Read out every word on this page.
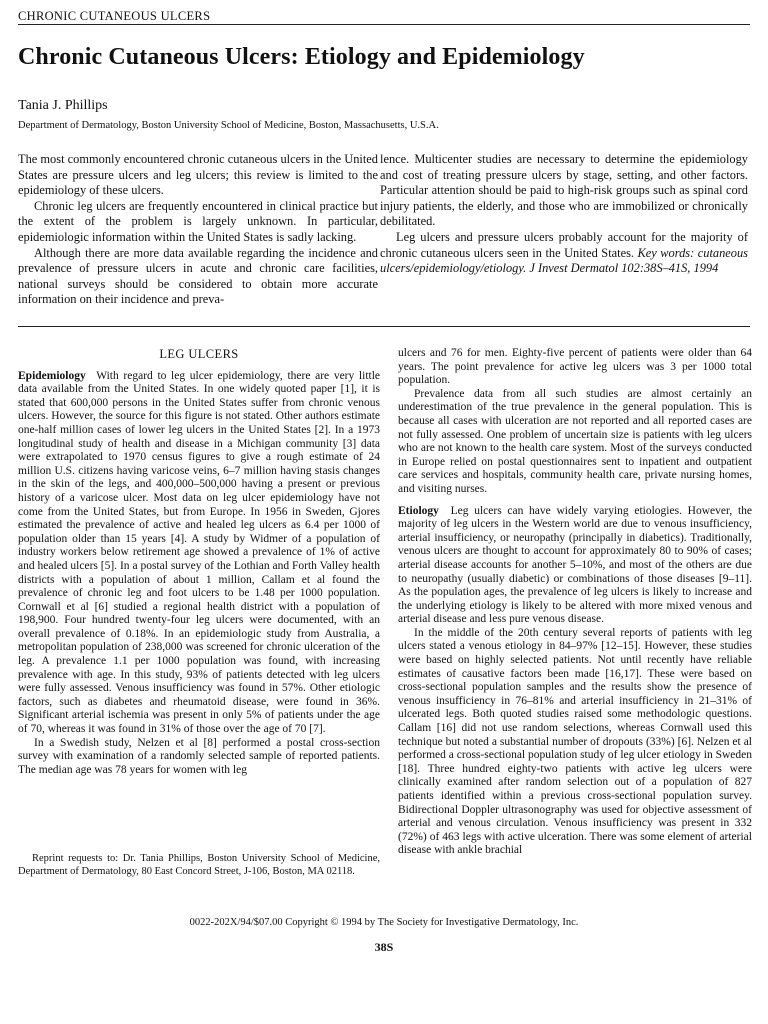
CHRONIC CUTANEOUS ULCERS
Chronic Cutaneous Ulcers: Etiology and Epidemiology
Tania J. Phillips
Department of Dermatology, Boston University School of Medicine, Boston, Massachusetts, U.S.A.

The most commonly encountered chronic cutaneous ulcers in the United States are pressure ulcers and leg ulcers; this review is limited to the epidemiology of these ulcers.

Chronic leg ulcers are frequently encountered in clinical practice but the extent of the problem is largely unknown. In particular, epidemiologic information within the United States is sadly lacking.

Although there are more data available regarding the incidence and prevalence of pressure ulcers in acute and chronic care facilities, national surveys should be considered to obtain more accurate information on their incidence and preva-

lence. Multicenter studies are necessary to determine the epidemiology and cost of treating pressure ulcers by stage, setting, and other factors. Particular attention should be paid to high-risk groups such as spinal cord injury patients, the elderly, and those who are immobilized or chronically debilitated.

Leg ulcers and pressure ulcers probably account for the majority of chronic cutaneous ulcers seen in the United States. Key words: cutaneous ulcers/epidemiology/etiology. J Invest Dermatol 102:38S–41S, 1994

LEG ULCERS

Epidemiology With regard to leg ulcer epidemiology, there are very little data available from the United States. In one widely quoted paper [1], it is stated that 600,000 persons in the United States suffer from chronic venous ulcers. However, the source for this figure is not stated. Other authors estimate one-half million cases of lower leg ulcers in the United States [2]. In a 1973 longitudinal study of health and disease in a Michigan community [3] data were extrapolated to 1970 census figures to give a rough estimate of 24 million U.S. citizens having varicose veins, 6–7 million having stasis changes in the skin of the legs, and 400,000–500,000 having a present or previous history of a varicose ulcer. Most data on leg ulcer epidemiology have not come from the United States, but from Europe. In 1956 in Sweden, Gjores estimated the prevalence of active and healed leg ulcers as 6.4 per 1000 of population older than 15 years [4]. A study by Widmer of a population of industry workers below retirement age showed a prevalence of 1% of active and healed ulcers [5]. In a postal survey of the Lothian and Forth Valley health districts with a population of about 1 million, Callam et al found the prevalence of chronic leg and foot ulcers to be 1.48 per 1000 population. Cornwall et al [6] studied a regional health district with a population of 198,900. Four hundred twenty-four leg ulcers were documented, with an overall prevalence of 0.18%. In an epidemiologic study from Australia, a metropolitan population of 238,000 was screened for chronic ulceration of the leg. A prevalence 1.1 per 1000 population was found, with increasing prevalence with age. In this study, 93% of patients detected with leg ulcers were fully assessed. Venous insufficiency was found in 57%. Other etiologic factors, such as diabetes and rheumatoid disease, were found in 36%. Significant arterial ischemia was present in only 5% of patients under the age of 70, whereas it was found in 31% of those over the age of 70 [7].

In a Swedish study, Nelzen et al [8] performed a postal cross-section survey with examination of a randomly selected sample of reported patients. The median age was 78 years for women with leg

ulcers and 76 for men. Eighty-five percent of patients were older than 64 years. The point prevalence for active leg ulcers was 3 per 1000 total population.

Prevalence data from all such studies are almost certainly an underestimation of the true prevalence in the general population. This is because all cases with ulceration are not reported and all reported cases are not fully assessed. One problem of uncertain size is patients with leg ulcers who are not known to the health care system. Most of the surveys conducted in Europe relied on postal questionnaires sent to inpatient and outpatient care services and hospitals, community health care, private nursing homes, and visiting nurses.

Etiology Leg ulcers can have widely varying etiologies. However, the majority of leg ulcers in the Western world are due to venous insufficiency, arterial insufficiency, or neuropathy (principally in diabetics). Traditionally, venous ulcers are thought to account for approximately 80 to 90% of cases; arterial disease accounts for another 5–10%, and most of the others are due to neuropathy (usually diabetic) or combinations of those diseases [9–11]. As the population ages, the prevalence of leg ulcers is likely to increase and the underlying etiology is likely to be altered with more mixed venous and arterial disease and less pure venous disease.

In the middle of the 20th century several reports of patients with leg ulcers stated a venous etiology in 84–97% [12–15]. However, these studies were based on highly selected patients. Not until recently have reliable estimates of causative factors been made [16,17]. These were based on cross-sectional population samples and the results show the presence of venous insufficiency in 76–81% and arterial insufficiency in 21–31% of ulcerated legs. Both quoted studies raised some methodologic questions. Callam [16] did not use random selections, whereas Cornwall used this technique but noted a substantial number of dropouts (33%) [6]. Nelzen et al performed a cross-sectional population study of leg ulcer etiology in Sweden [18]. Three hundred eighty-two patients with active leg ulcers were clinically examined after random selection out of a population of 827 patients identified within a previous cross-sectional population survey. Bidirectional Doppler ultrasonography was used for objective assessment of arterial and venous circulation. Venous insufficiency was present in 332 (72%) of 463 legs with active ulceration. There was some element of arterial disease with ankle brachial

Reprint requests to: Dr. Tania Phillips, Boston University School of Medicine, Department of Dermatology, 80 East Concord Street, J-106, Boston, MA 02118.

0022-202X/94/$07.00 Copyright © 1994 by The Society for Investigative Dermatology, Inc.
38S
